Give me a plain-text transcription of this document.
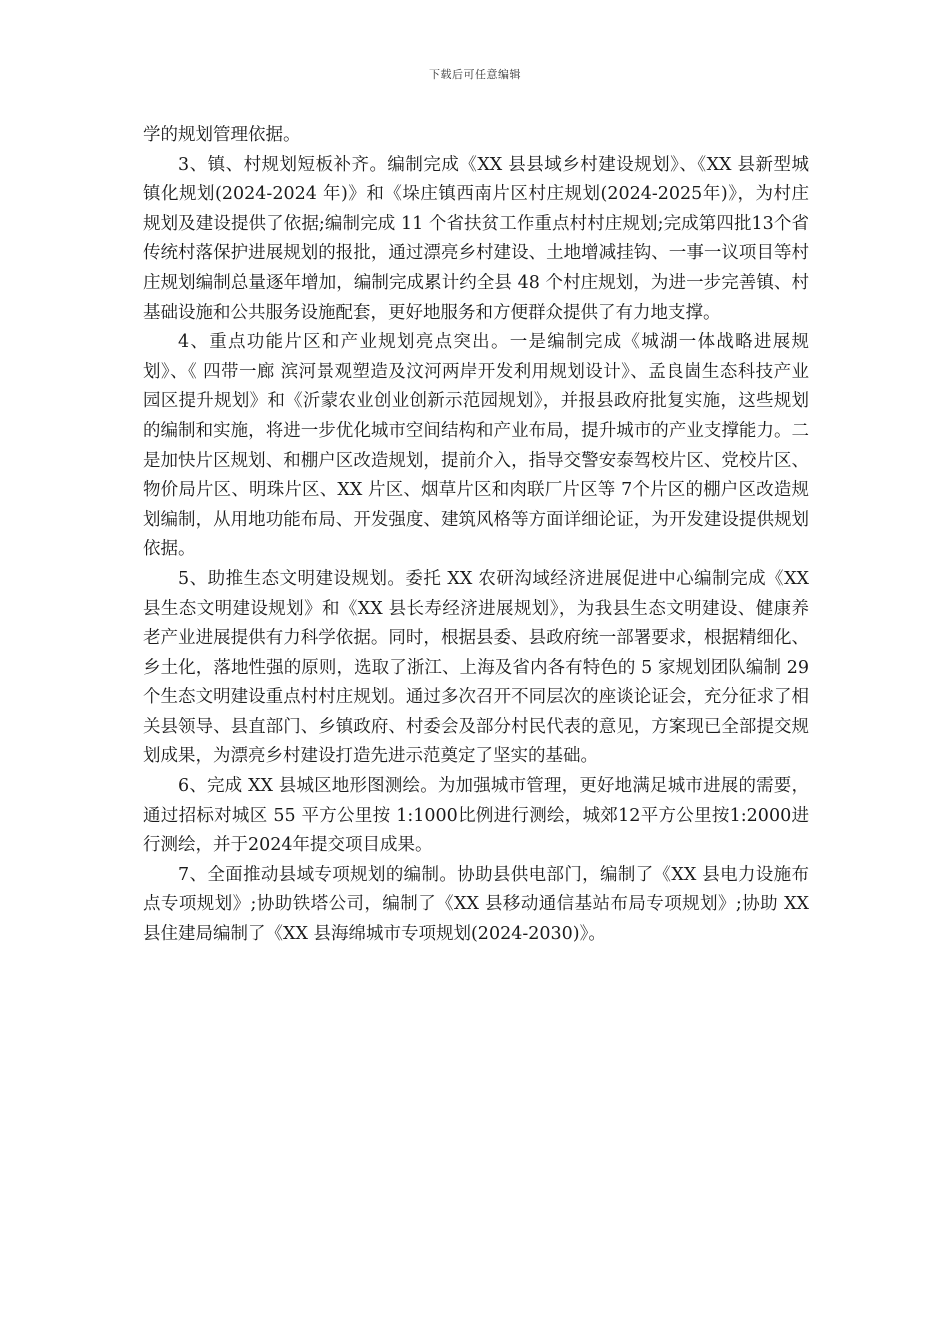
下载后可任意编辑

学的规划管理依据。

3、镇、村规划短板补齐。编制完成《XX 县县域乡村建设规划》、《XX 县新型城镇化规划(2024-2024 年)》和《垛庄镇西南片区村庄规划(2024-2025年)》，为村庄规划及建设提供了依据;编制完成 11 个省扶贫工作重点村村庄规划;完成第四批13个省传统村落保护进展规划的报批，通过漂亮乡村建设、土地增减挂钩、一事一议项目等村庄规划编制总量逐年增加，编制完成累计约全县 48 个村庄规划，为进一步完善镇、村基础设施和公共服务设施配套，更好地服务和方便群众提供了有力地支撑。

4、重点功能片区和产业规划亮点突出。一是编制完成《城湖一体战略进展规划》、《 四带一廊 滨河景观塑造及汶河两岸开发利用规划设计》、孟良崮生态科技产业园区提升规划》和《沂蒙农业创业创新示范园规划》，并报县政府批复实施，这些规划的编制和实施，将进一步优化城市空间结构和产业布局，提升城市的产业支撑能力。二是加快片区规划、和棚户区改造规划，提前介入，指导交警安泰驾校片区、党校片区、物价局片区、明珠片区、XX 片区、烟草片区和肉联厂片区等 7个片区的棚户区改造规划编制，从用地功能布局、开发强度、建筑风格等方面详细论证，为开发建设提供规划依据。

5、助推生态文明建设规划。委托 XX 农研沟域经济进展促进中心编制完成《XX 县生态文明建设规划》和《XX 县长寿经济进展规划》，为我县生态文明建设、健康养老产业进展提供有力科学依据。同时，根据县委、县政府统一部署要求，根据精细化、乡土化，落地性强的原则，选取了浙江、上海及省内各有特色的 5 家规划团队编制 29 个生态文明建设重点村村庄规划。通过多次召开不同层次的座谈论证会，充分征求了相关县领导、县直部门、乡镇政府、村委会及部分村民代表的意见，方案现已全部提交规划成果，为漂亮乡村建设打造先进示范奠定了坚实的基础。

6、完成 XX 县城区地形图测绘。为加强城市管理，更好地满足城市进展的需要，通过招标对城区 55 平方公里按 1:1000比例进行测绘，城郊12平方公里按1:2000进行测绘，并于2024年提交项目成果。

7、全面推动县域专项规划的编制。协助县供电部门，编制了《XX 县电力设施布点专项规划》;协助铁塔公司，编制了《XX 县移动通信基站布局专项规划》;协助 XX 县住建局编制了《XX 县海绵城市专项规划(2024-2030)》。
